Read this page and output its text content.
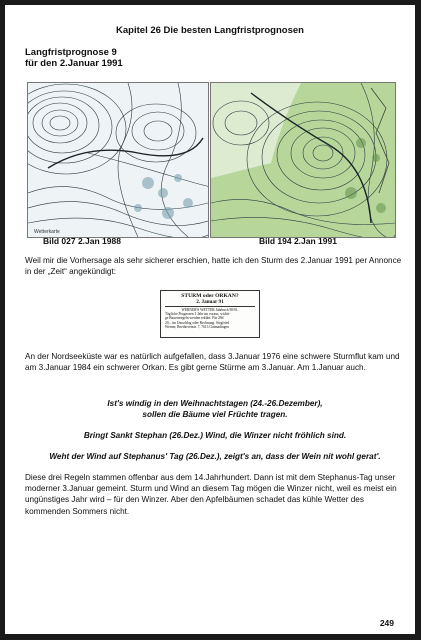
Kapitel 26 Die besten Langfristprognosen
Langfristprognose 9
für den 2.Januar 1991
Wetterkarte
Bild 027 2.Jan 1988	Bild 194 2.Jan 1991
Weil mir die Vorhersage als sehr sicherer erschien, hatte ich den Sturm des 2.Januar 1991 per Annonce in der „Zeit“ angekündigt:
STURM oder ORKAN?
2. Januar 91
WERNER'S WETTER Jahrbuch 90/91.
Tägliche Prognosen 1 Jahr im voraus, wichti-
ge Bauernregeln werden erklärt. Für 29d
20,– im Umschlag oder Rechnung. Siegfried
Werner, Beethovenstr. 7, 7613 Gutmadingen
An der Nordseeküste war es natürlich aufgefallen, dass 3.Januar 1976 eine schwere Sturmflut kam und am 3.Januar 1984 ein schwerer Orkan. Es gibt gerne Stürme am 3.Januar. Am 1.Januar auch.
Ist's windig in den Weihnachtstagen (24.-26.Dezember),
sollen die Bäume viel Früchte tragen.
Bringt Sankt Stephan (26.Dez.) Wind, die Winzer nicht fröhlich sind.
Weht der Wind auf Stephanus' Tag (26.Dez.), zeigt's an, dass der Wein nit wohl gerat'.
Diese drei Regeln stammen offenbar aus dem 14.Jahrhundert. Dann ist mit dem Stephanus-Tag unser moderner 3.Januar gemeint. Sturm und Wind an diesem Tag mögen die Winzer nicht, weil es meist ein ungünstiges Jahr wird – für den Winzer. Aber den Apfelbäumen schadet das kühle Wetter des kommenden Sommers nicht.
249
